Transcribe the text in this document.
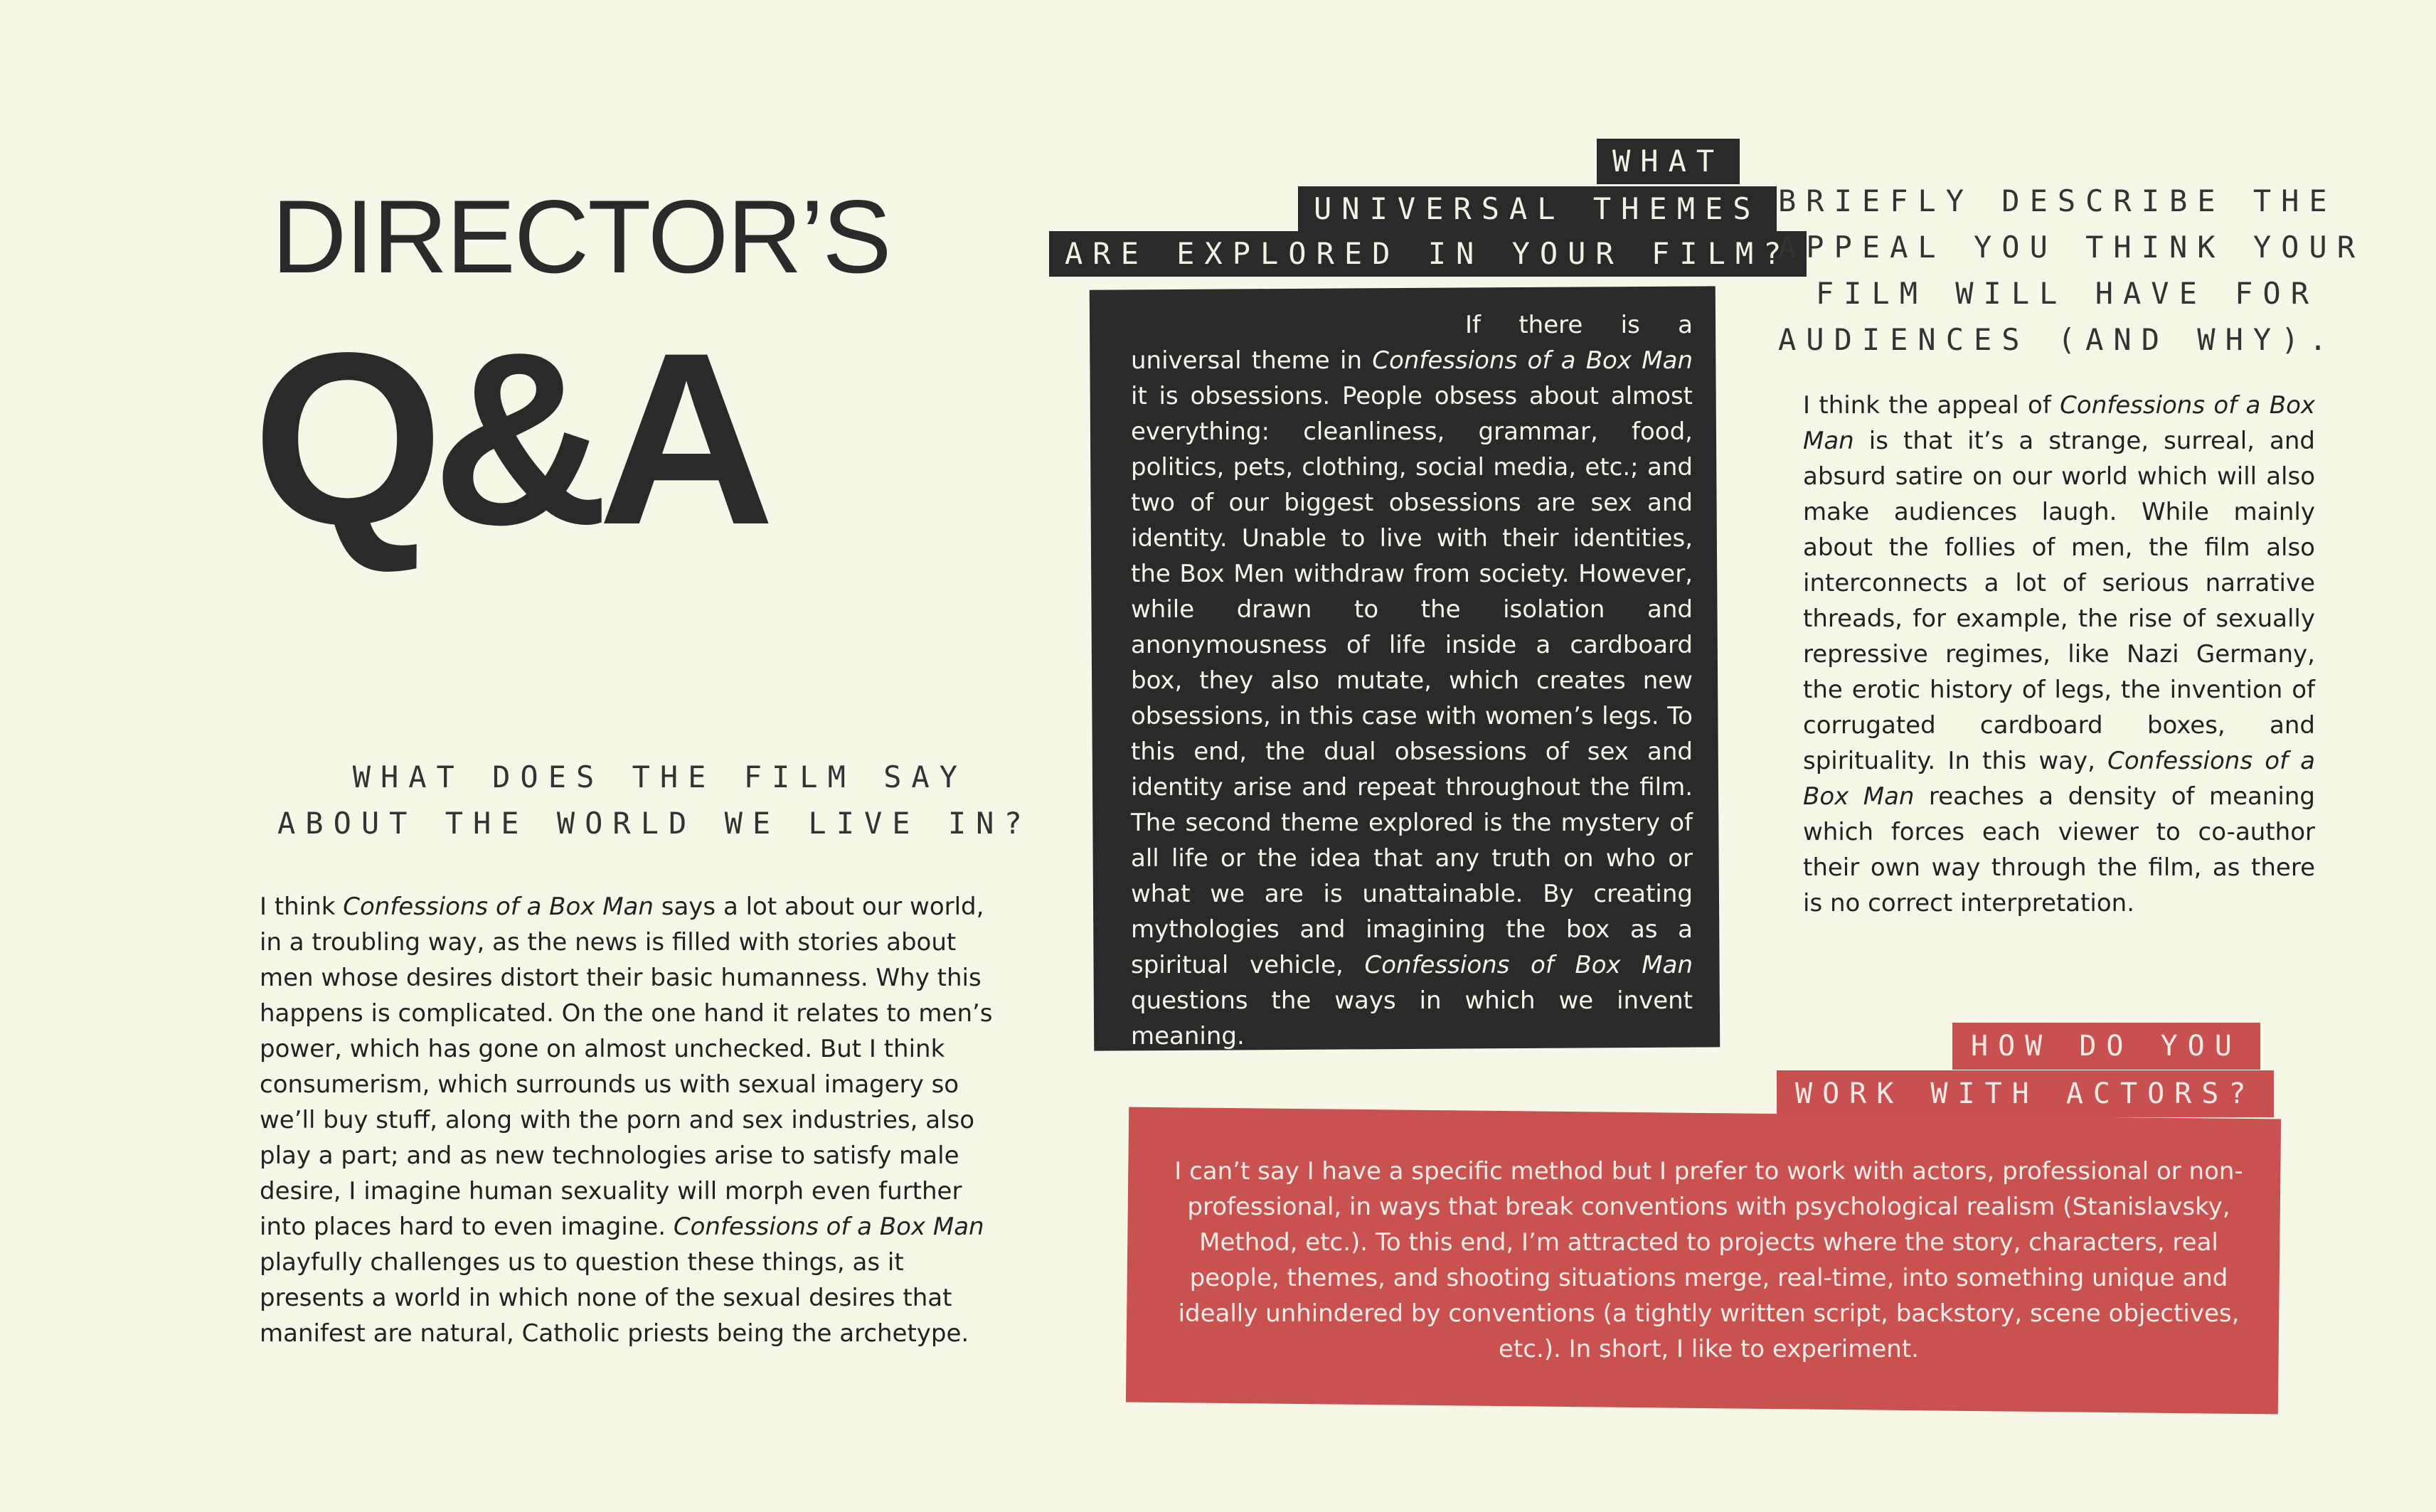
DIRECTOR’S
Q&A
WHAT DOES THE FILM SAY
ABOUT THE WORLD WE LIVE IN?

I think Confessions of a Box Man says a lot about our world, in a troubling way, as the news is filled with stories about men whose desires distort their basic humanness. Why this happens is complicated. On the one hand it relates to men’s power, which has gone on almost unchecked. But I think consumerism, which surrounds us with sexual imagery so we’ll buy stuff, along with the porn and sex industries, also play a part; and as new technologies arise to satisfy male desire, I imagine human sexuality will morph even further into places hard to even imagine. Confessions of a Box Man playfully challenges us to question these things, as it presents a world in which none of the sexual desires that manifest are natural, Catholic priests being the archetype.

WHAT
UNIVERSAL THEMES
ARE EXPLORED IN YOUR FILM?

If there is a universal theme in Confessions of a Box Man it is obsessions. People obsess about almost everything: cleanliness, grammar, food, politics, pets, clothing, social media, etc.; and two of our biggest obsessions are sex and identity. Unable to live with their identities, the Box Men withdraw from society. However, while drawn to the isolation and anonymousness of life inside a cardboard box, they also mutate, which creates new obsessions, in this case with women’s legs. To this end, the dual obsessions of sex and identity arise and repeat throughout the film. The second theme explored is the mystery of all life or the idea that any truth on who or what we are is unattainable. By creating mythologies and imagining the box as a spiritual vehicle, Confessions of Box Man questions the ways in which we invent meaning.

BRIEFLY DESCRIBE THE
APPEAL YOU THINK YOUR
FILM WILL HAVE FOR
AUDIENCES (AND WHY).

I think the appeal of Confessions of a Box Man is that it’s a strange, surreal, and absurd satire on our world which will also make audiences laugh. While mainly about the follies of men, the film also interconnects a lot of serious narrative threads, for example, the rise of sexually repressive regimes, like Nazi Germany, the erotic history of legs, the invention of corrugated cardboard boxes, and spirituality. In this way, Confessions of a Box Man reaches a density of meaning which forces each viewer to co-author their own way through the film, as there is no correct interpretation.

HOW DO YOU
WORK WITH ACTORS?

I can’t say I have a specific method but I prefer to work with actors, professional or non-professional, in ways that break conventions with psychological realism (Stanislavsky, Method, etc.). To this end, I’m attracted to projects where the story, characters, real people, themes, and shooting situations merge, real-time, into something unique and ideally unhindered by conventions (a tightly written script, backstory, scene objectives, etc.). In short, I like to experiment.
